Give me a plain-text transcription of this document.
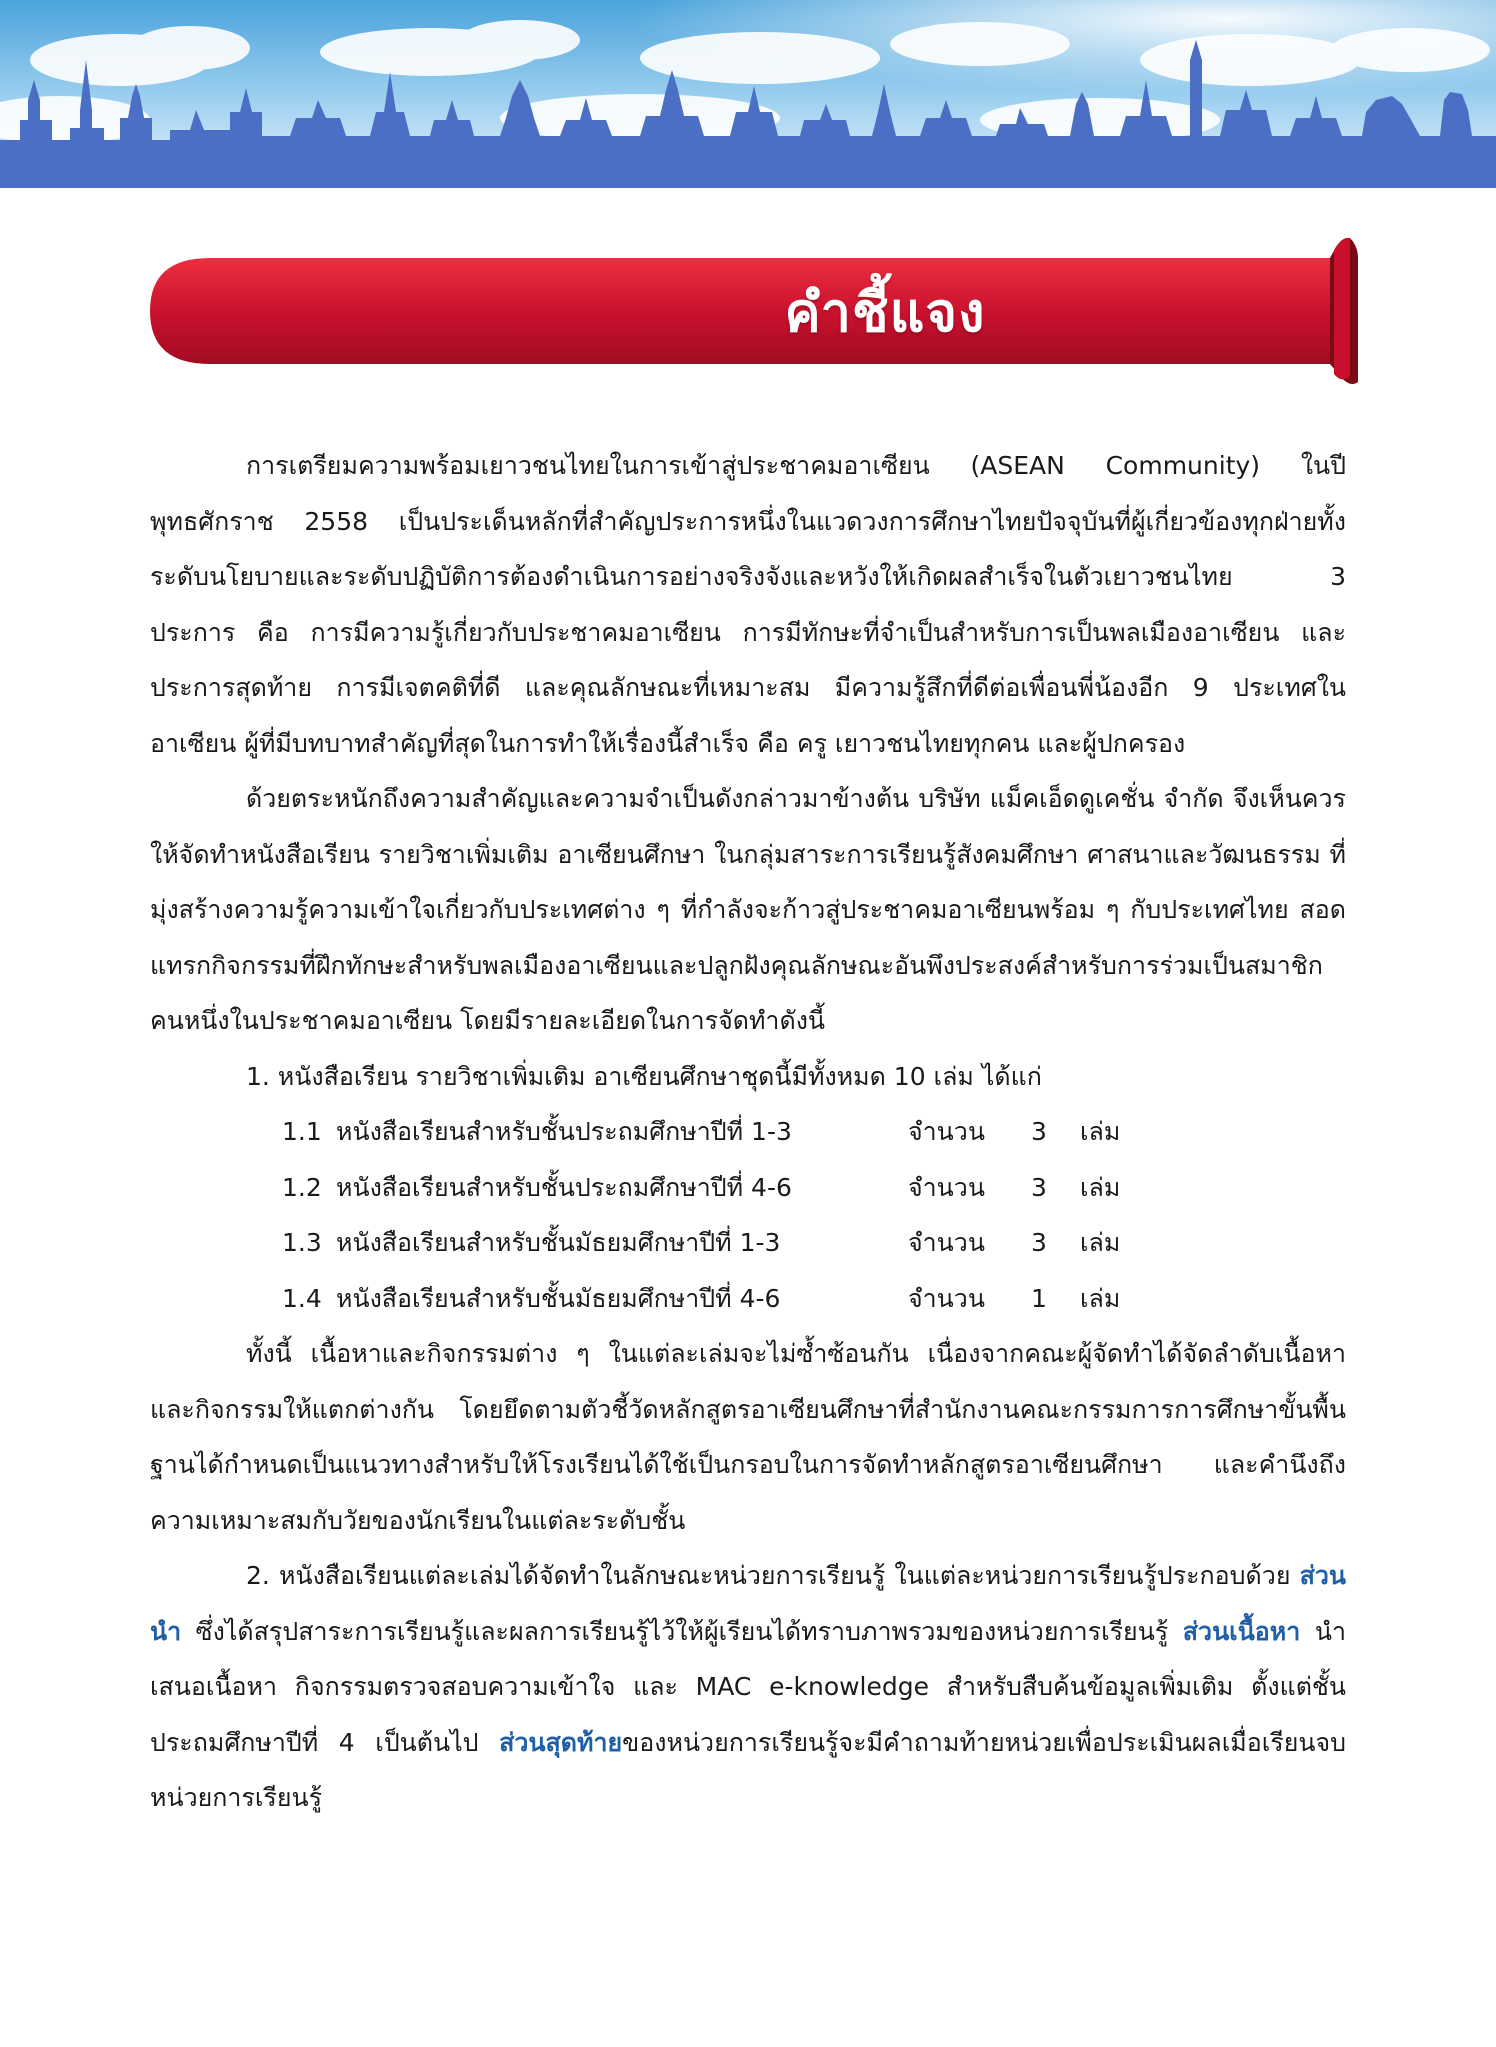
คำชี้แจง

การเตรียมความพร้อมเยาวชนไทยในการเข้าสู่ประชาคมอาเซียน (ASEAN Community) ในปีพุทธศักราช 2558 เป็นประเด็นหลักที่สำคัญประการหนึ่งในแวดวงการศึกษาไทยปัจจุบันที่ผู้เกี่ยวข้องทุกฝ่ายทั้งระดับนโยบายและระดับปฏิบัติการต้องดำเนินการอย่างจริงจังและหวังให้เกิดผลสำเร็จในตัวเยาวชนไทย 3 ประการ คือ การมีความรู้เกี่ยวกับประชาคมอาเซียน การมีทักษะที่จำเป็นสำหรับการเป็นพลเมืองอาเซียน และประการสุดท้าย การมีเจตคติที่ดี และคุณลักษณะที่เหมาะสม มีความรู้สึกที่ดีต่อเพื่อนพี่น้องอีก 9 ประเทศในอาเซียน ผู้ที่มีบทบาทสำคัญที่สุดในการทำให้เรื่องนี้สำเร็จ คือ ครู เยาวชนไทยทุกคน และผู้ปกครอง

ด้วยตระหนักถึงความสำคัญและความจำเป็นดังกล่าวมาข้างต้น บริษัท แม็คเอ็ดดูเคชั่น จำกัด จึงเห็นควรให้จัดทำหนังสือเรียน รายวิชาเพิ่มเติม อาเซียนศึกษา ในกลุ่มสาระการเรียนรู้สังคมศึกษา ศาสนาและวัฒนธรรม ที่มุ่งสร้างความรู้ความเข้าใจเกี่ยวกับประเทศต่าง ๆ ที่กำลังจะก้าวสู่ประชาคมอาเซียนพร้อม ๆ กับประเทศไทย สอดแทรกกิจกรรมที่ฝึกทักษะสำหรับพลเมืองอาเซียนและปลูกฝังคุณลักษณะอันพึงประสงค์สำหรับการร่วมเป็นสมาชิกคนหนึ่งในประชาคมอาเซียน โดยมีรายละเอียดในการจัดทำดังนี้

1. หนังสือเรียน รายวิชาเพิ่มเติม อาเซียนศึกษาชุดนี้มีทั้งหมด 10 เล่ม ได้แก่

1.1 หนังสือเรียนสำหรับชั้นประถมศึกษาปีที่ 1-3	จำนวน	3	เล่ม
1.2 หนังสือเรียนสำหรับชั้นประถมศึกษาปีที่ 4-6	จำนวน	3	เล่ม
1.3 หนังสือเรียนสำหรับชั้นมัธยมศึกษาปีที่ 1-3	จำนวน	3	เล่ม
1.4 หนังสือเรียนสำหรับชั้นมัธยมศึกษาปีที่ 4-6	จำนวน	1	เล่ม

ทั้งนี้ เนื้อหาและกิจกรรมต่าง ๆ ในแต่ละเล่มจะไม่ซ้ำซ้อนกัน เนื่องจากคณะผู้จัดทำได้จัดลำดับเนื้อหาและกิจกรรมให้แตกต่างกัน โดยยึดตามตัวชี้วัดหลักสูตรอาเซียนศึกษาที่สำนักงานคณะกรรมการการศึกษาขั้นพื้นฐานได้กำหนดเป็นแนวทางสำหรับให้โรงเรียนได้ใช้เป็นกรอบในการจัดทำหลักสูตรอาเซียนศึกษา และคำนึงถึงความเหมาะสมกับวัยของนักเรียนในแต่ละระดับชั้น

2. หนังสือเรียนแต่ละเล่มได้จัดทำในลักษณะหน่วยการเรียนรู้ ในแต่ละหน่วยการเรียนรู้ประกอบด้วย ส่วนนำ ซึ่งได้สรุปสาระการเรียนรู้และผลการเรียนรู้ไว้ให้ผู้เรียนได้ทราบภาพรวมของหน่วยการเรียนรู้ ส่วนเนื้อหา นำเสนอเนื้อหา กิจกรรมตรวจสอบความเข้าใจ และ MAC e-knowledge สำหรับสืบค้นข้อมูลเพิ่มเติม ตั้งแต่ชั้นประถมศึกษาปีที่ 4 เป็นต้นไป ส่วนสุดท้ายของหน่วยการเรียนรู้จะมีคำถามท้ายหน่วยเพื่อประเมินผลเมื่อเรียนจบหน่วยการเรียนรู้
